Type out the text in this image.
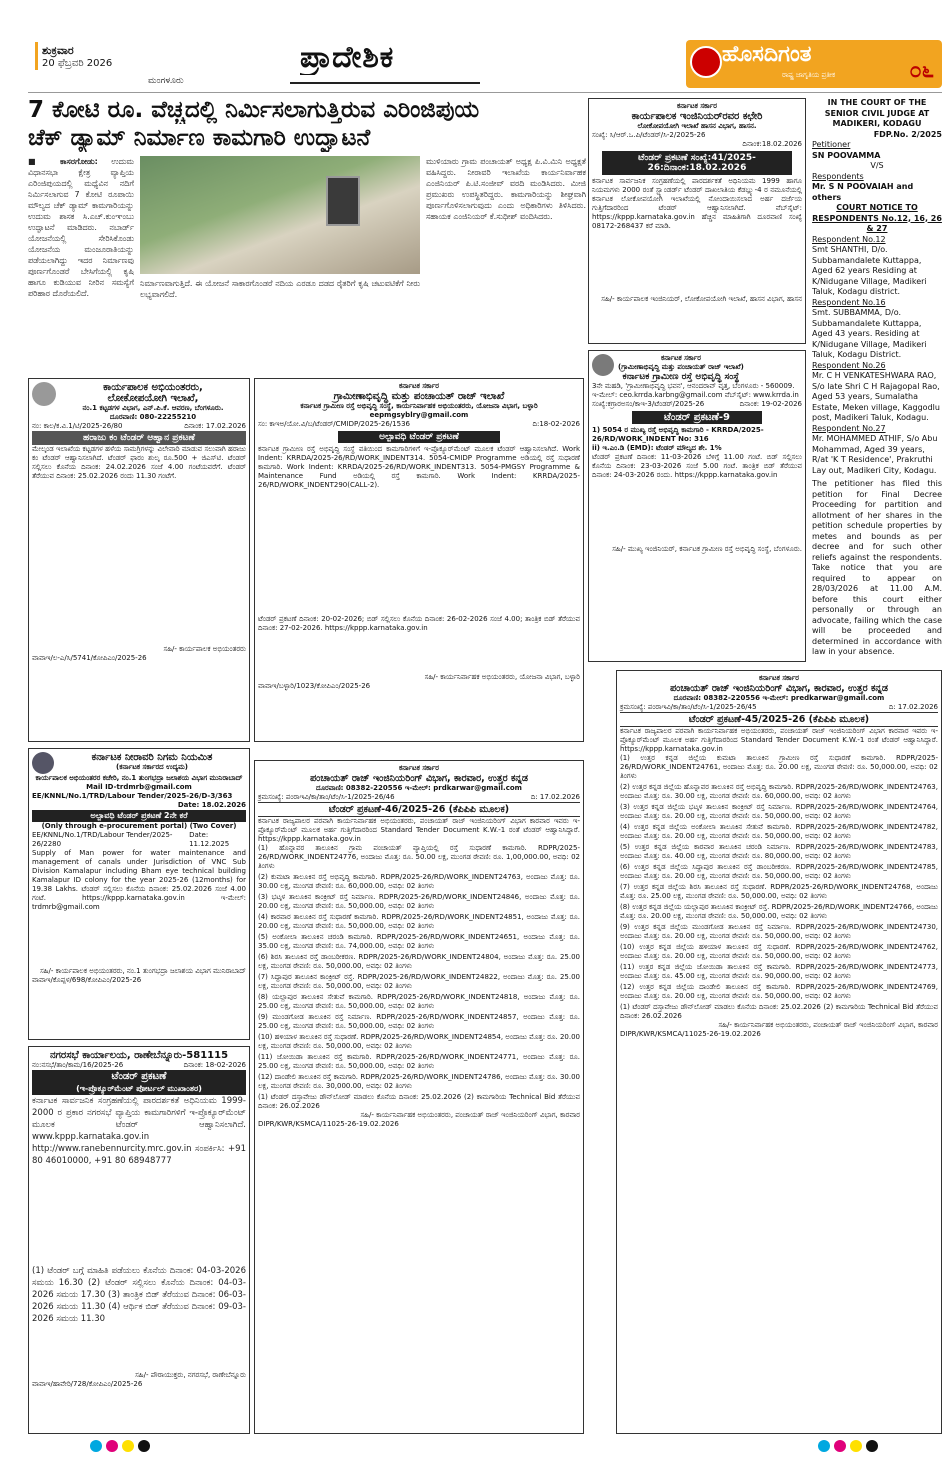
ಶುಕ್ರವಾರ
20 ಫೆಬ್ರವರಿ 2026
ಮಂಗಳೂರು
ಪ್ರಾದೇಶಿಕ	ಹೊಸದಿಗಂತ
ರಾಷ್ಟ್ರ ಜಾಗೃತಿಯ ಪ್ರತೀಕ	೦೬
7 ಕೋಟಿ ರೂ. ವೆಚ್ಚದಲ್ಲಿ ನಿರ್ಮಿಸಲಾಗುತ್ತಿರುವ ಎರಿಂಜಿಪುಯ
ಚೆಕ್ ಡ್ಯಾಮ್ ನಿರ್ಮಾಣ ಕಾಮಗಾರಿ ಉದ್ಘಾಟನೆ
■ ಕಾಸರಗೋಡು: ಉದುಮ ವಿಧಾನಸಭಾ ಕ್ಷೇತ್ರ ವ್ಯಾಪ್ತಿಯ ಎರಿಂಜಿಪುಯದಲ್ಲಿ ಮಧ್ಯೆವಿನ ನದಿಗೆ ನಿರ್ಮಿಸಲಾಗುವ 7 ಕೋಟಿ ರೂಪಾಯಿ ಮೌಲ್ಯದ ಚೆಕ್ ಡ್ಯಾಮ್ ಕಾಮಗಾರಿಯನ್ನು ಉದುಮ ಶಾಸಕ ಸಿ.ಎಚ್.ಕುಂಞಂಬು ಉದ್ಘಾಟನೆ ಮಾಡಿದರು. ನಬಾರ್ಡ್ ಯೋಜನೆಯಲ್ಲಿ ಸೇರಿಸಿಕೊಂಡು ಯೋಜನೆಯ ಮಂಜೂರಾತಿಯನ್ನು ಪಡೆಯಲಾಗಿದ್ದು ಇದರ ನಿರ್ಮಾಣವು ಪೂರ್ಣಗೊಂಡರೆ ಬೇಸಿಗೆಯಲ್ಲಿ ಕೃಷಿ ಹಾಗೂ ಕುಡಿಯುವ ನೀರಿನ ಸಮಸ್ಯೆಗೆ ಪರಿಹಾರ ದೊರೆಯಲಿದೆ.
ನಿರ್ಮಾಣವಾಗುತ್ತಿದೆ. ಈ ಯೋಜನೆ ಸಾಕಾರಗೊಂಡರೆ ನದಿಯ ಎರಡೂ ದಡದ ರೈತರಿಗೆ ಕೃಷಿ ಚಟುವಟಿಕೆಗೆ ನೀರು ಲಭ್ಯವಾಗಲಿದೆ.
ಮುಳಿಯಾರು ಗ್ರಾಮ ಪಂಚಾಯತ್ ಅಧ್ಯಕ್ಷ ಪಿ.ವಿ.ಮಿನಿ ಅಧ್ಯಕ್ಷತೆ ವಹಿಸಿದ್ದರು. ನೀರಾವರಿ ಇಲಾಖೆಯ ಕಾರ್ಯನಿರ್ವಾಹಕ ಎಂಜಿನಿಯರ್ ಪಿ.ಟಿ.ಸಂಜೀವ್ ವರದಿ ಮಂಡಿಸಿದರು. ಮೀಜಿ ಪ್ರಮುಖರು ಉಪಸ್ಥಿತರಿದ್ದರು. ಕಾಮಗಾರಿಯನ್ನು ಶೀಘ್ರವಾಗಿ ಪೂರ್ಣಗೊಳಿಸಲಾಗುವುದು ಎಂದು ಅಧಿಕಾರಿಗಳು ತಿಳಿಸಿದರು. ಸಹಾಯಕ ಎಂಜಿನಿಯರ್ ಕೆ.ಸುಧೀಶ್ ವಂದಿಸಿದರು.
ಕರ್ನಾಟಕ ಸರ್ಕಾರ
ಕಾರ್ಯಪಾಲಕ ಇಂಜಿನಿಯರ್‌ರವರ ಕಛೇರಿ
ಲೋಕೋಪಯೋಗಿ ಇಲಾಖೆ ಹಾಸನ ವಿಭಾಗ, ಹಾಸನ.
ಸಂಖ್ಯೆ: ಸಿ/ಆರ್.ಒ.ಪಿ/ಟೆಂಡರ್/ಸಿ-2/2025-26
ದಿನಾಂಕ:18.02.2026
ಟೆಂಡರ್ ಪ್ರಕಟಣೆ ಸಂಖ್ಯೆ:41/2025-26:ದಿನಾಂಕ:18.02.2026
ಕರ್ನಾಟಕ ಸಾರ್ವಜನಿಕ ಸಂಗ್ರಹಣೆಯಲ್ಲಿ ಪಾರದರ್ಶಕತೆ ಅಧಿನಿಯಮ 1999 ಹಾಗೂ ನಿಯಮಗಳು 2000 ರಂತೆ ಸ್ಟ್ಯಾಂಡರ್ಡ್ ಟೆಂಡರ್ ದಾಖಲಾತಿಯ ಕೆಡಬ್ಲ್ಯು-4 ರ ನಮೂನೆಯಲ್ಲಿ ಕರ್ನಾಟಕ ಲೋಕೋಪಯೋಗಿ ಇಲಾಖೆಯಲ್ಲಿ ನೋಂದಾಯಿಸಲಾದ ಅರ್ಹ ದರ್ಜೆಯ ಗುತ್ತಿಗೆದಾರರಿಂದ ಟೆಂಡರ್ ಆಹ್ವಾನಿಸಲಾಗಿದೆ. ವೆಬ್‌ಸೈಟ್: https://kppp.karnataka.gov.in ಹೆಚ್ಚಿನ ಮಾಹಿತಿಗಾಗಿ ದೂರವಾಣಿ ಸಂಖ್ಯೆ 08172-268437 ಕರೆ ಮಾಡಿ.
ಸಹಿ/- ಕಾರ್ಯಪಾಲಕ ಇಂಜಿನಿಯರ್, ಲೋಕೋಪಯೋಗಿ ಇಲಾಖೆ, ಹಾಸನ ವಿಭಾಗ, ಹಾಸನ
IN THE COURT OF THE SENIOR CIVIL JUDGE AT MADIKERI, KODAGU
FDP.No. 2/2025
Petitioner
SN POOVAMMA
V/S
Respondents
Mr. S N POOVAIAH and others
COURT NOTICE TO RESPONDENTS No.12, 16, 26 & 27
Respondent No.12
Smt SHANTHI, D/o. Subbamandalete Kuttappa, Aged 62 years Residing at K/Nidugane Village, Madikeri Taluk, Kodagu district.
Respondent No.16
Smt. SUBBAMMA, D/o. Subbamandalete Kuttappa, Aged 43 years. Residing at K/Nidugane Village, Madikeri Taluk, Kodagu District.
Respondent No.26
Mr. C H VENKATESHWARA RAO, S/o late Shri C H Rajagopal Rao, Aged 53 years, Sumalatha Estate, Meken village, Kaggodlu post, Madikeri Taluk, Kodagu.
Respondent No.27
Mr. MOHAMMED ATHIF, S/o Abu Mohammad, Aged 39 years, R/at 'K T Residence', Prakruthi Lay out, Madikeri City, Kodagu.
The petitioner has filed this petition for Final Decree Proceeding for partition and allotment of her shares in the petition schedule properties by metes and bounds as per decree and for such other reliefs against the respondents. Take notice that you are required to appear on 28/03/2026 at 11.00 A.M. before this court either personally or through an advocate, failing which the case will be proceeded and determined in accordance with law in your absence.
ಕರ್ನಾಟಕ ಸರ್ಕಾರ
(ಗ್ರಾಮೀಣಾಭಿವೃದ್ಧಿ ಮತ್ತು ಪಂಚಾಯತ್ ರಾಜ್ ಇಲಾಖೆ)
ಕರ್ನಾಟಕ ಗ್ರಾಮೀಣ ರಸ್ತೆ ಅಭಿವೃದ್ಧಿ ಸಂಸ್ಥೆ
3ನೇ ಮಹಡಿ, 'ಗ್ರಾಮೀಣಾಭಿವೃದ್ಧಿ ಭವನ', ಆನಂದರಾವ್ ವೃತ್ತ, ಬೆಂಗಳೂರು - 560009.
ಇ-ಮೇಲ್: ceo.krrda.karbng@gmail.com ವೆಬ್‌ಸೈಟ್: www.krrda.in
ಸಂಖ್ಯೆ:ಕಗ್ರಾರಅಸಂ/ಕಾಇ-3/ಟೆಂಡರ್/2025-26	ದಿನಾಂಕ: 19-02-2026
ಟೆಂಡರ್ ಪ್ರಕಟಣೆ-9
1) 5054 ರ ಮುಖ್ಯ ರಸ್ತೆ ಅಭಿವೃದ್ಧಿ ಕಾಮಗಾರಿ - KRRDA/2025-26/RD/WORK_INDENT No: 316
ii) ಇ.ಎಂ.ಡಿ (EMD): ಟೆಂಡರ್ ಮೌಲ್ಯದ ಶೇ. 1%
ಟೆಂಡರ್ ಪ್ರಕಟಣೆ ದಿನಾಂಕ: 11-03-2026 ಬೆಳಿಗ್ಗೆ 11.00 ಗಂಟೆ. ಬಿಡ್ ಸಲ್ಲಿಸಲು ಕೊನೆಯ ದಿನಾಂಕ: 23-03-2026 ಸಂಜೆ 5.00 ಗಂಟೆ. ತಾಂತ್ರಿಕ ಬಿಡ್ ತೆರೆಯುವ ದಿನಾಂಕ: 24-03-2026 ರಂದು. https://kppp.karnataka.gov.in
ಸಹಿ/- ಮುಖ್ಯ ಇಂಜಿನಿಯರ್, ಕರ್ನಾಟಕ ಗ್ರಾಮೀಣ ರಸ್ತೆ ಅಭಿವೃದ್ಧಿ ಸಂಸ್ಥೆ, ಬೆಂಗಳೂರು.
ಕಾರ್ಯಪಾಲಕ ಅಭಿಯಂತರರು,
ಲೋಕೋಪಯೋಗಿ ಇಲಾಖೆ,
ನಂ.1 ಕಟ್ಟಡಗಳ ವಿಭಾಗ, ಎನ್.ಪಿ.ಕೆ. ಆವರಣ, ಬೆಂಗಳೂರು.
ದೂರವಾಣಿ: 080-22255210
ನಂ: ಕಾಲ/ಕ.ವಿ.1/ಟಿ/2025-26/80	ದಿನಾಂಕ: 17.02.2026
ಹರಾಜು ಕಂ ಟೆಂಡರ್ ಆಹ್ವಾನ ಪ್ರಕಟಣೆ
ಮೇಲ್ಕಂಡ ಇಲಾಖೆಯ ಕಟ್ಟಡಗಳ ಹಳೆಯ ಸಾಮಗ್ರಿಗಳನ್ನು ವಿಲೇವಾರಿ ಮಾಡುವ ಸಲುವಾಗಿ ಹರಾಜು ಕಂ ಟೆಂಡರ್ ಆಹ್ವಾನಿಸಲಾಗಿದೆ. ಟೆಂಡರ್ ಫಾರಂ ಶುಲ್ಕ ರೂ.500 + ಜಿಎಸ್‌ಟಿ. ಟೆಂಡರ್ ಸಲ್ಲಿಸಲು ಕೊನೆಯ ದಿನಾಂಕ: 24.02.2026 ಸಂಜೆ 4.00 ಗಂಟೆಯವರೆಗೆ. ಟೆಂಡರ್ ತೆರೆಯುವ ದಿನಾಂಕ: 25.02.2026 ರಂದು 11.30 ಗಂಟೆಗೆ.
ಸಹಿ/- ಕಾರ್ಯಪಾಲಕ ಅಭಿಯಂತರರು
ವಾವಾಇ/ಲ-ಎ/ಸಿ/5741/ಕೋಪಿಎಂ/2025-26
ಕರ್ನಾಟಕ ಸರ್ಕಾರ
ಗ್ರಾಮೀಣಾಭಿವೃದ್ಧಿ ಮತ್ತು ಪಂಚಾಯತ್ ರಾಜ್ ಇಲಾಖೆ
ಕರ್ನಾಟಕ ಗ್ರಾಮೀಣ ರಸ್ತೆ ಅಭಿವೃದ್ಧಿ ಸಂಸ್ಥೆ, ಕಾರ್ಯನಿರ್ವಾಹಕ ಅಭಿಯಂತರರು, ಯೋಜನಾ ವಿಭಾಗ, ಬಳ್ಳಾರಿ
eepmgsyblry@gmail.com
ಸಂ: ಕಾಇಅ/ಯೋ.ವಿ/ಬ/ಟೆಂಡರ್/CMIDP/2025-26/1536	ದಿ:18-02-2026
ಅಲ್ಪಾವಧಿ ಟೆಂಡರ್ ಪ್ರಕಟಣೆ
ಕರ್ನಾಟಕ ಗ್ರಾಮೀಣ ರಸ್ತೆ ಅಭಿವೃದ್ಧಿ ಸಂಸ್ಥೆ ವತಿಯಿಂದ ಕಾಮಗಾರಿಗಳಿಗೆ ಇ-ಪ್ರೊಕ್ಯೂರ್‌ಮೆಂಟ್ ಮೂಲಕ ಟೆಂಡರ್ ಆಹ್ವಾನಿಸಲಾಗಿದೆ. Work Indent: KRRDA/2025-26/RD/WORK_INDENT314. 5054-CMIDP Programme ಅಡಿಯಲ್ಲಿ ರಸ್ತೆ ಸುಧಾರಣೆ ಕಾಮಗಾರಿ. Work Indent: KRRDA/2025-26/RD/WORK_INDENT313. 5054-PMGSY Programme & Maintenance Fund ಅಡಿಯಲ್ಲಿ ರಸ್ತೆ ಕಾಮಗಾರಿ. Work Indent: KRRDA/2025-26/RD/WORK_INDENT290(CALL-2).
ಟೆಂಡರ್ ಪ್ರಕಟಣೆ ದಿನಾಂಕ: 20-02-2026; ಬಿಡ್ ಸಲ್ಲಿಸಲು ಕೊನೆಯ ದಿನಾಂಕ: 26-02-2026 ಸಂಜೆ 4.00; ತಾಂತ್ರಿಕ ಬಿಡ್ ತೆರೆಯುವ ದಿನಾಂಕ: 27-02-2026. https://kppp.karnataka.gov.in
ಸಹಿ/- ಕಾರ್ಯನಿರ್ವಾಹಕ ಅಭಿಯಂತರರು, ಯೋಜನಾ ವಿಭಾಗ, ಬಳ್ಳಾರಿ
ವಾವಾಇ/ಬಳ್ಳಾರಿ/1023/ಕೋಪಿಎಂ/2025-26
ಕರ್ನಾಟಕ ನೀರಾವರಿ ನಿಗಮ ನಿಯಮಿತ
(ಕರ್ನಾಟಕ ಸರ್ಕಾರದ ಉದ್ಯಮ)
ಕಾರ್ಯಪಾಲಕ ಅಭಿಯಂತರರ ಕಚೇರಿ, ನಂ.1 ತುಂಗಭದ್ರಾ ಜಲಾಶಯ ವಿಭಾಗ ಮುನಿರಾಬಾದ್
Mail ID-trdmrb@gmail.com
EE/KNNL/No.1/TRD/Labour Tender/2025-26/D-3/363
Date: 18.02.2026
ಅಲ್ಪಾವಧಿ ಟೆಂಡರ್ ಪ್ರಕಟಣೆ 2ನೇ ಕರೆ
(Only through e-procurement portal) (Two Cover)
EE/KNNL/No.1/TRD/Labour Tender/2025-26/2280
Date: 11.12.2025
Supply of Man power for water maintenance and management of canals under Jurisdiction of VNC Sub Division Kamalapur including Bham eye technical building Kamalapur ID colony for the year 2025-26 (12months) for 19.38 Lakhs. ಟೆಂಡರ್ ಸಲ್ಲಿಸಲು ಕೊನೆಯ ದಿನಾಂಕ: 25.02.2026 ಸಂಜೆ 4.00 ಗಂಟೆ. https://kppp.karnataka.gov.in ಇ-ಮೇಲ್: trdmrb@gmail.com
ಸಹಿ/- ಕಾರ್ಯಪಾಲಕ ಅಭಿಯಂತರರು, ನಂ.1 ತುಂಗಭದ್ರಾ ಜಲಾಶಯ ವಿಭಾಗ ಮುನಿರಾಬಾದ್
ವಾವಾಇ/ಕೊಪ್ಪಳ/698/ಕೋಪಿಎಂ/2025-26
ನಗರಸಭೆ ಕಾರ್ಯಾಲಯ, ರಾಣೇಬೆನ್ನೂರು-581115
ನಂ:ನಸಭೆ/ತಾಂ/ಕಾಮ/16/2025-26	ದಿನಾಂಕ: 18-02-2026
ಟೆಂಡರ್ ಪ್ರಕಟಣೆ
(ಇ-ಪ್ರೊಕ್ಯೂರ್‌ಮೆಂಟ್ ಪೋರ್ಟಲ್ ಮುಖಾಂತರ)
ಕರ್ನಾಟಕ ಸಾರ್ವಜನಿಕ ಸಂಗ್ರಹಣೆಯಲ್ಲಿ ಪಾರದರ್ಶಕತೆ ಅಧಿನಿಯಮ 1999-2000 ರ ಪ್ರಕಾರ ನಗರಸಭೆ ವ್ಯಾಪ್ತಿಯ ಕಾಮಗಾರಿಗಳಿಗೆ ಇ-ಪ್ರೊಕ್ಯೂರ್‌ಮೆಂಟ್ ಮೂಲಕ ಟೆಂಡರ್ ಆಹ್ವಾನಿಸಲಾಗಿದೆ. www.kppp.karnataka.gov.in http://www.ranebennurcity.mrc.gov.in ಸಂಪರ್ಕಿಸಿ: +91 80 46010000, +91 80 68948777
(1) ಟೆಂಡರ್ ಬಗ್ಗೆ ಮಾಹಿತಿ ಪಡೆಯಲು ಕೊನೆಯ ದಿನಾಂಕ: 04-03-2026 ಸಮಯ 16.30 (2) ಟೆಂಡರ್ ಸಲ್ಲಿಸಲು ಕೊನೆಯ ದಿನಾಂಕ: 04-03-2026 ಸಮಯ 17.30 (3) ತಾಂತ್ರಿಕ ಬಿಡ್ ತೆರೆಯುವ ದಿನಾಂಕ: 06-03-2026 ಸಮಯ 11.30 (4) ಆರ್ಥಿಕ ಬಿಡ್ ತೆರೆಯುವ ದಿನಾಂಕ: 09-03-2026 ಸಮಯ 11.30
ಸಹಿ/- ಪೌರಾಯುಕ್ತರು, ನಗರಸಭೆ, ರಾಣೇಬೆನ್ನೂರು
ವಾವಾಇ/ಹಾವೇರಿ/728/ಕೋಪಿಎಂ/2025-26
ಕರ್ನಾಟಕ ಸರ್ಕಾರ
ಪಂಚಾಯತ್ ರಾಜ್ ಇಂಜಿನಿಯರಿಂಗ್ ವಿಭಾಗ, ಕಾರವಾರ, ಉತ್ತರ ಕನ್ನಡ
ದೂರವಾಣಿ: 08382-220556 ಇ-ಮೇಲ್: prdkarwar@gmail.com
ಕ್ರಮಸಂಖ್ಯೆ: ಪಂರಾಇವಿ/ಕಾ/ತಾಂ/ಟೆಂ/ಸಿ-1/2025-26/46	ದಿ: 17.02.2026
ಟೆಂಡರ್ ಪ್ರಕಟಣೆ-46/2025-26 (ಕೆಪಿಪಿಪಿ ಮೂಲಕ)
ಕರ್ನಾಟಕ ರಾಜ್ಯಪಾಲರ ಪರವಾಗಿ ಕಾರ್ಯನಿರ್ವಾಹಕ ಅಭಿಯಂತರರು, ಪಂಚಾಯತ್ ರಾಜ್ ಇಂಜಿನಿಯರಿಂಗ್ ವಿಭಾಗ ಕಾರವಾರ ಇವರು ಇ-ಪ್ರೊಕ್ಯೂರ್‌ಮೆಂಟ್ ಮೂಲಕ ಅರ್ಹ ಗುತ್ತಿಗೆದಾರರಿಂದ Standard Tender Document K.W.-1 ರಂತೆ ಟೆಂಡರ್ ಆಹ್ವಾನಿಸಿದ್ದಾರೆ. https://kppp.karnataka.gov.in
(1) ಹೊನ್ನಾವರ ತಾಲೂಕಿನ ಗ್ರಾಮ ಪಂಚಾಯತ್ ವ್ಯಾಪ್ತಿಯಲ್ಲಿ ರಸ್ತೆ ಸುಧಾರಣೆ ಕಾಮಗಾರಿ. RDPR/2025-26/RD/WORK_INDENT24776, ಅಂದಾಜು ಮೊತ್ತ: ರೂ. 50.00 ಲಕ್ಷ, ಮುಂಗಡ ಠೇವಣಿ: ರೂ. 1,00,000.00, ಅವಧಿ: 02 ತಿಂಗಳು
(2) ಕುಮಟಾ ತಾಲೂಕಿನ ರಸ್ತೆ ಅಭಿವೃದ್ಧಿ ಕಾಮಗಾರಿ. RDPR/2025-26/RD/WORK_INDENT24763, ಅಂದಾಜು ಮೊತ್ತ: ರೂ. 30.00 ಲಕ್ಷ, ಮುಂಗಡ ಠೇವಣಿ: ರೂ. 60,000.00, ಅವಧಿ: 02 ತಿಂಗಳು
(3) ಭಟ್ಕಳ ತಾಲೂಕಿನ ಕಾಂಕ್ರೀಟ್ ರಸ್ತೆ ನಿರ್ಮಾಣ. RDPR/2025-26/RD/WORK_INDENT24846, ಅಂದಾಜು ಮೊತ್ತ: ರೂ. 20.00 ಲಕ್ಷ, ಮುಂಗಡ ಠೇವಣಿ: ರೂ. 50,000.00, ಅವಧಿ: 02 ತಿಂಗಳು
(4) ಕಾರವಾರ ತಾಲೂಕಿನ ರಸ್ತೆ ಸುಧಾರಣೆ ಕಾಮಗಾರಿ. RDPR/2025-26/RD/WORK_INDENT24851, ಅಂದಾಜು ಮೊತ್ತ: ರೂ. 20.00 ಲಕ್ಷ, ಮುಂಗಡ ಠೇವಣಿ: ರೂ. 50,000.00, ಅವಧಿ: 02 ತಿಂಗಳು
(5) ಅಂಕೋಲಾ ತಾಲೂಕಿನ ಚರಂಡಿ ಕಾಮಗಾರಿ. RDPR/2025-26/RD/WORK_INDENT24651, ಅಂದಾಜು ಮೊತ್ತ: ರೂ. 35.00 ಲಕ್ಷ, ಮುಂಗಡ ಠೇವಣಿ: ರೂ. 74,000.00, ಅವಧಿ: 02 ತಿಂಗಳು
(6) ಶಿರಸಿ ತಾಲೂಕಿನ ರಸ್ತೆ ಡಾಂಬರೀಕರಣ. RDPR/2025-26/RD/WORK_INDENT24804, ಅಂದಾಜು ಮೊತ್ತ: ರೂ. 25.00 ಲಕ್ಷ, ಮುಂಗಡ ಠೇವಣಿ: ರೂ. 50,000.00, ಅವಧಿ: 02 ತಿಂಗಳು
(7) ಸಿದ್ದಾಪುರ ತಾಲೂಕಿನ ಕಾಂಕ್ರೀಟ್ ರಸ್ತೆ. RDPR/2025-26/RD/WORK_INDENT24822, ಅಂದಾಜು ಮೊತ್ತ: ರೂ. 25.00 ಲಕ್ಷ, ಮುಂಗಡ ಠೇವಣಿ: ರೂ. 50,000.00, ಅವಧಿ: 02 ತಿಂಗಳು
(8) ಯಲ್ಲಾಪುರ ತಾಲೂಕಿನ ಸೇತುವೆ ಕಾಮಗಾರಿ. RDPR/2025-26/RD/WORK_INDENT24818, ಅಂದಾಜು ಮೊತ್ತ: ರೂ. 25.00 ಲಕ್ಷ, ಮುಂಗಡ ಠೇವಣಿ: ರೂ. 50,000.00, ಅವಧಿ: 02 ತಿಂಗಳು
(9) ಮುಂಡಗೋಡ ತಾಲೂಕಿನ ರಸ್ತೆ ನಿರ್ಮಾಣ. RDPR/2025-26/RD/WORK_INDENT24857, ಅಂದಾಜು ಮೊತ್ತ: ರೂ. 25.00 ಲಕ್ಷ, ಮುಂಗಡ ಠೇವಣಿ: ರೂ. 50,000.00, ಅವಧಿ: 02 ತಿಂಗಳು
(10) ಹಳಿಯಾಳ ತಾಲೂಕಿನ ರಸ್ತೆ ಸುಧಾರಣೆ. RDPR/2025-26/RD/WORK_INDENT24854, ಅಂದಾಜು ಮೊತ್ತ: ರೂ. 20.00 ಲಕ್ಷ, ಮುಂಗಡ ಠೇವಣಿ: ರೂ. 50,000.00, ಅವಧಿ: 02 ತಿಂಗಳು
(11) ಜೋಯಿಡಾ ತಾಲೂಕಿನ ರಸ್ತೆ ಕಾಮಗಾರಿ. RDPR/2025-26/RD/WORK_INDENT24771, ಅಂದಾಜು ಮೊತ್ತ: ರೂ. 25.00 ಲಕ್ಷ, ಮುಂಗಡ ಠೇವಣಿ: ರೂ. 50,000.00, ಅವಧಿ: 02 ತಿಂಗಳು
(12) ದಾಂಡೇಲಿ ತಾಲೂಕಿನ ರಸ್ತೆ ಕಾಮಗಾರಿ. RDPR/2025-26/RD/WORK_INDENT24786, ಅಂದಾಜು ಮೊತ್ತ: ರೂ. 30.00 ಲಕ್ಷ, ಮುಂಗಡ ಠೇವಣಿ: ರೂ. 30,000.00, ಅವಧಿ: 02 ತಿಂಗಳು
(1) ಟೆಂಡರ್ ದಸ್ತಾವೇಜು ಡೌನ್‌ಲೋಡ್ ಮಾಡಲು ಕೊನೆಯ ದಿನಾಂಕ: 25.02.2026 (2) ಕಾಮಗಾರಿಯ Technical Bid ತೆರೆಯುವ ದಿನಾಂಕ: 26.02.2026
ಸಹಿ/- ಕಾರ್ಯನಿರ್ವಾಹಕ ಅಭಿಯಂತರರು, ಪಂಚಾಯತ್ ರಾಜ್ ಇಂಜಿನಿಯರಿಂಗ್ ವಿಭಾಗ, ಕಾರವಾರ
DIPR/KWR/KSMCA/11025-26-19.02.2026
ಕರ್ನಾಟಕ ಸರ್ಕಾರ
ಪಂಚಾಯತ್ ರಾಜ್ ಇಂಜಿನಿಯರಿಂಗ್ ವಿಭಾಗ, ಕಾರವಾರ, ಉತ್ತರ ಕನ್ನಡ
ದೂರವಾಣಿ: 08382-220556 ಇ-ಮೇಲ್: predkarwar@gmail.com
ಕ್ರಮಸಂಖ್ಯೆ: ಪಂರಾಇವಿ/ಕಾ/ತಾಂ/ಟೆಂ/ಸಿ-1/2025-26/45	ದಿ: 17.02.2026
ಟೆಂಡರ್ ಪ್ರಕಟಣೆ-45/2025-26 (ಕೆಪಿಪಿಪಿ ಮೂಲಕ)
ಕರ್ನಾಟಕ ರಾಜ್ಯಪಾಲರ ಪರವಾಗಿ ಕಾರ್ಯನಿರ್ವಾಹಕ ಅಭಿಯಂತರರು, ಪಂಚಾಯತ್ ರಾಜ್ ಇಂಜಿನಿಯರಿಂಗ್ ವಿಭಾಗ ಕಾರವಾರ ಇವರು ಇ-ಪ್ರೊಕ್ಯೂರ್‌ಮೆಂಟ್ ಮೂಲಕ ಅರ್ಹ ಗುತ್ತಿಗೆದಾರರಿಂದ Standard Tender Document K.W.-1 ರಂತೆ ಟೆಂಡರ್ ಆಹ್ವಾನಿಸಿದ್ದಾರೆ. https://kppp.karnataka.gov.in
(1) ಉತ್ತರ ಕನ್ನಡ ಜಿಲ್ಲೆಯ ಕುಮಟಾ ತಾಲೂಕಿನ ಗ್ರಾಮೀಣ ರಸ್ತೆ ಸುಧಾರಣೆ ಕಾಮಗಾರಿ. RDPR/2025-26/RD/WORK_INDENT24761, ಅಂದಾಜು ಮೊತ್ತ: ರೂ. 20.00 ಲಕ್ಷ, ಮುಂಗಡ ಠೇವಣಿ: ರೂ. 50,000.00, ಅವಧಿ: 02 ತಿಂಗಳು
(2) ಉತ್ತರ ಕನ್ನಡ ಜಿಲ್ಲೆಯ ಹೊನ್ನಾವರ ತಾಲೂಕಿನ ರಸ್ತೆ ಅಭಿವೃದ್ಧಿ ಕಾಮಗಾರಿ. RDPR/2025-26/RD/WORK_INDENT24763, ಅಂದಾಜು ಮೊತ್ತ: ರೂ. 30.00 ಲಕ್ಷ, ಮುಂಗಡ ಠೇವಣಿ: ರೂ. 60,000.00, ಅವಧಿ: 02 ತಿಂಗಳು
(3) ಉತ್ತರ ಕನ್ನಡ ಜಿಲ್ಲೆಯ ಭಟ್ಕಳ ತಾಲೂಕಿನ ಕಾಂಕ್ರೀಟ್ ರಸ್ತೆ ನಿರ್ಮಾಣ. RDPR/2025-26/RD/WORK_INDENT24764, ಅಂದಾಜು ಮೊತ್ತ: ರೂ. 20.00 ಲಕ್ಷ, ಮುಂಗಡ ಠೇವಣಿ: ರೂ. 50,000.00, ಅವಧಿ: 02 ತಿಂಗಳು
(4) ಉತ್ತರ ಕನ್ನಡ ಜಿಲ್ಲೆಯ ಅಂಕೋಲಾ ತಾಲೂಕಿನ ಸೇತುವೆ ಕಾಮಗಾರಿ. RDPR/2025-26/RD/WORK_INDENT24782, ಅಂದಾಜು ಮೊತ್ತ: ರೂ. 20.00 ಲಕ್ಷ, ಮುಂಗಡ ಠೇವಣಿ: ರೂ. 50,000.00, ಅವಧಿ: 02 ತಿಂಗಳು
(5) ಉತ್ತರ ಕನ್ನಡ ಜಿಲ್ಲೆಯ ಕಾರವಾರ ತಾಲೂಕಿನ ಚರಂಡಿ ನಿರ್ಮಾಣ. RDPR/2025-26/RD/WORK_INDENT24783, ಅಂದಾಜು ಮೊತ್ತ: ರೂ. 40.00 ಲಕ್ಷ, ಮುಂಗಡ ಠೇವಣಿ: ರೂ. 80,000.00, ಅವಧಿ: 02 ತಿಂಗಳು
(6) ಉತ್ತರ ಕನ್ನಡ ಜಿಲ್ಲೆಯ ಸಿದ್ದಾಪುರ ತಾಲೂಕಿನ ರಸ್ತೆ ಡಾಂಬರೀಕರಣ. RDPR/2025-26/RD/WORK_INDENT24785, ಅಂದಾಜು ಮೊತ್ತ: ರೂ. 20.00 ಲಕ್ಷ, ಮುಂಗಡ ಠೇವಣಿ: ರೂ. 50,000.00, ಅವಧಿ: 02 ತಿಂಗಳು
(7) ಉತ್ತರ ಕನ್ನಡ ಜಿಲ್ಲೆಯ ಶಿರಸಿ ತಾಲೂಕಿನ ರಸ್ತೆ ಸುಧಾರಣೆ. RDPR/2025-26/RD/WORK_INDENT24768, ಅಂದಾಜು ಮೊತ್ತ: ರೂ. 25.00 ಲಕ್ಷ, ಮುಂಗಡ ಠೇವಣಿ: ರೂ. 50,000.00, ಅವಧಿ: 02 ತಿಂಗಳು
(8) ಉತ್ತರ ಕನ್ನಡ ಜಿಲ್ಲೆಯ ಯಲ್ಲಾಪುರ ತಾಲೂಕಿನ ಕಾಂಕ್ರೀಟ್ ರಸ್ತೆ. RDPR/2025-26/RD/WORK_INDENT24766, ಅಂದಾಜು ಮೊತ್ತ: ರೂ. 20.00 ಲಕ್ಷ, ಮುಂಗಡ ಠೇವಣಿ: ರೂ. 50,000.00, ಅವಧಿ: 02 ತಿಂಗಳು
(9) ಉತ್ತರ ಕನ್ನಡ ಜಿಲ್ಲೆಯ ಮುಂಡಗೋಡ ತಾಲೂಕಿನ ರಸ್ತೆ ನಿರ್ಮಾಣ. RDPR/2025-26/RD/WORK_INDENT24730, ಅಂದಾಜು ಮೊತ್ತ: ರೂ. 20.00 ಲಕ್ಷ, ಮುಂಗಡ ಠೇವಣಿ: ರೂ. 50,000.00, ಅವಧಿ: 02 ತಿಂಗಳು
(10) ಉತ್ತರ ಕನ್ನಡ ಜಿಲ್ಲೆಯ ಹಳಿಯಾಳ ತಾಲೂಕಿನ ರಸ್ತೆ ಸುಧಾರಣೆ. RDPR/2025-26/RD/WORK_INDENT24762, ಅಂದಾಜು ಮೊತ್ತ: ರೂ. 20.00 ಲಕ್ಷ, ಮುಂಗಡ ಠೇವಣಿ: ರೂ. 50,000.00, ಅವಧಿ: 02 ತಿಂಗಳು
(11) ಉತ್ತರ ಕನ್ನಡ ಜಿಲ್ಲೆಯ ಜೋಯಿಡಾ ತಾಲೂಕಿನ ರಸ್ತೆ ಕಾಮಗಾರಿ. RDPR/2025-26/RD/WORK_INDENT24773, ಅಂದಾಜು ಮೊತ್ತ: ರೂ. 45.00 ಲಕ್ಷ, ಮುಂಗಡ ಠೇವಣಿ: ರೂ. 90,000.00, ಅವಧಿ: 02 ತಿಂಗಳು
(12) ಉತ್ತರ ಕನ್ನಡ ಜಿಲ್ಲೆಯ ದಾಂಡೇಲಿ ತಾಲೂಕಿನ ರಸ್ತೆ ಕಾಮಗಾರಿ. RDPR/2025-26/RD/WORK_INDENT24769, ಅಂದಾಜು ಮೊತ್ತ: ರೂ. 20.00 ಲಕ್ಷ, ಮುಂಗಡ ಠೇವಣಿ: ರೂ. 50,000.00, ಅವಧಿ: 02 ತಿಂಗಳು
(1) ಟೆಂಡರ್ ದಸ್ತಾವೇಜು ಡೌನ್‌ಲೋಡ್ ಮಾಡಲು ಕೊನೆಯ ದಿನಾಂಕ: 25.02.2026 (2) ಕಾಮಗಾರಿಯ Technical Bid ತೆರೆಯುವ ದಿನಾಂಕ: 26.02.2026
ಸಹಿ/- ಕಾರ್ಯನಿರ್ವಾಹಕ ಅಭಿಯಂತರರು, ಪಂಚಾಯತ್ ರಾಜ್ ಇಂಜಿನಿಯರಿಂಗ್ ವಿಭಾಗ, ಕಾರವಾರ
DIPR/KWR/KSMCA/11025-26-19.02.2026
